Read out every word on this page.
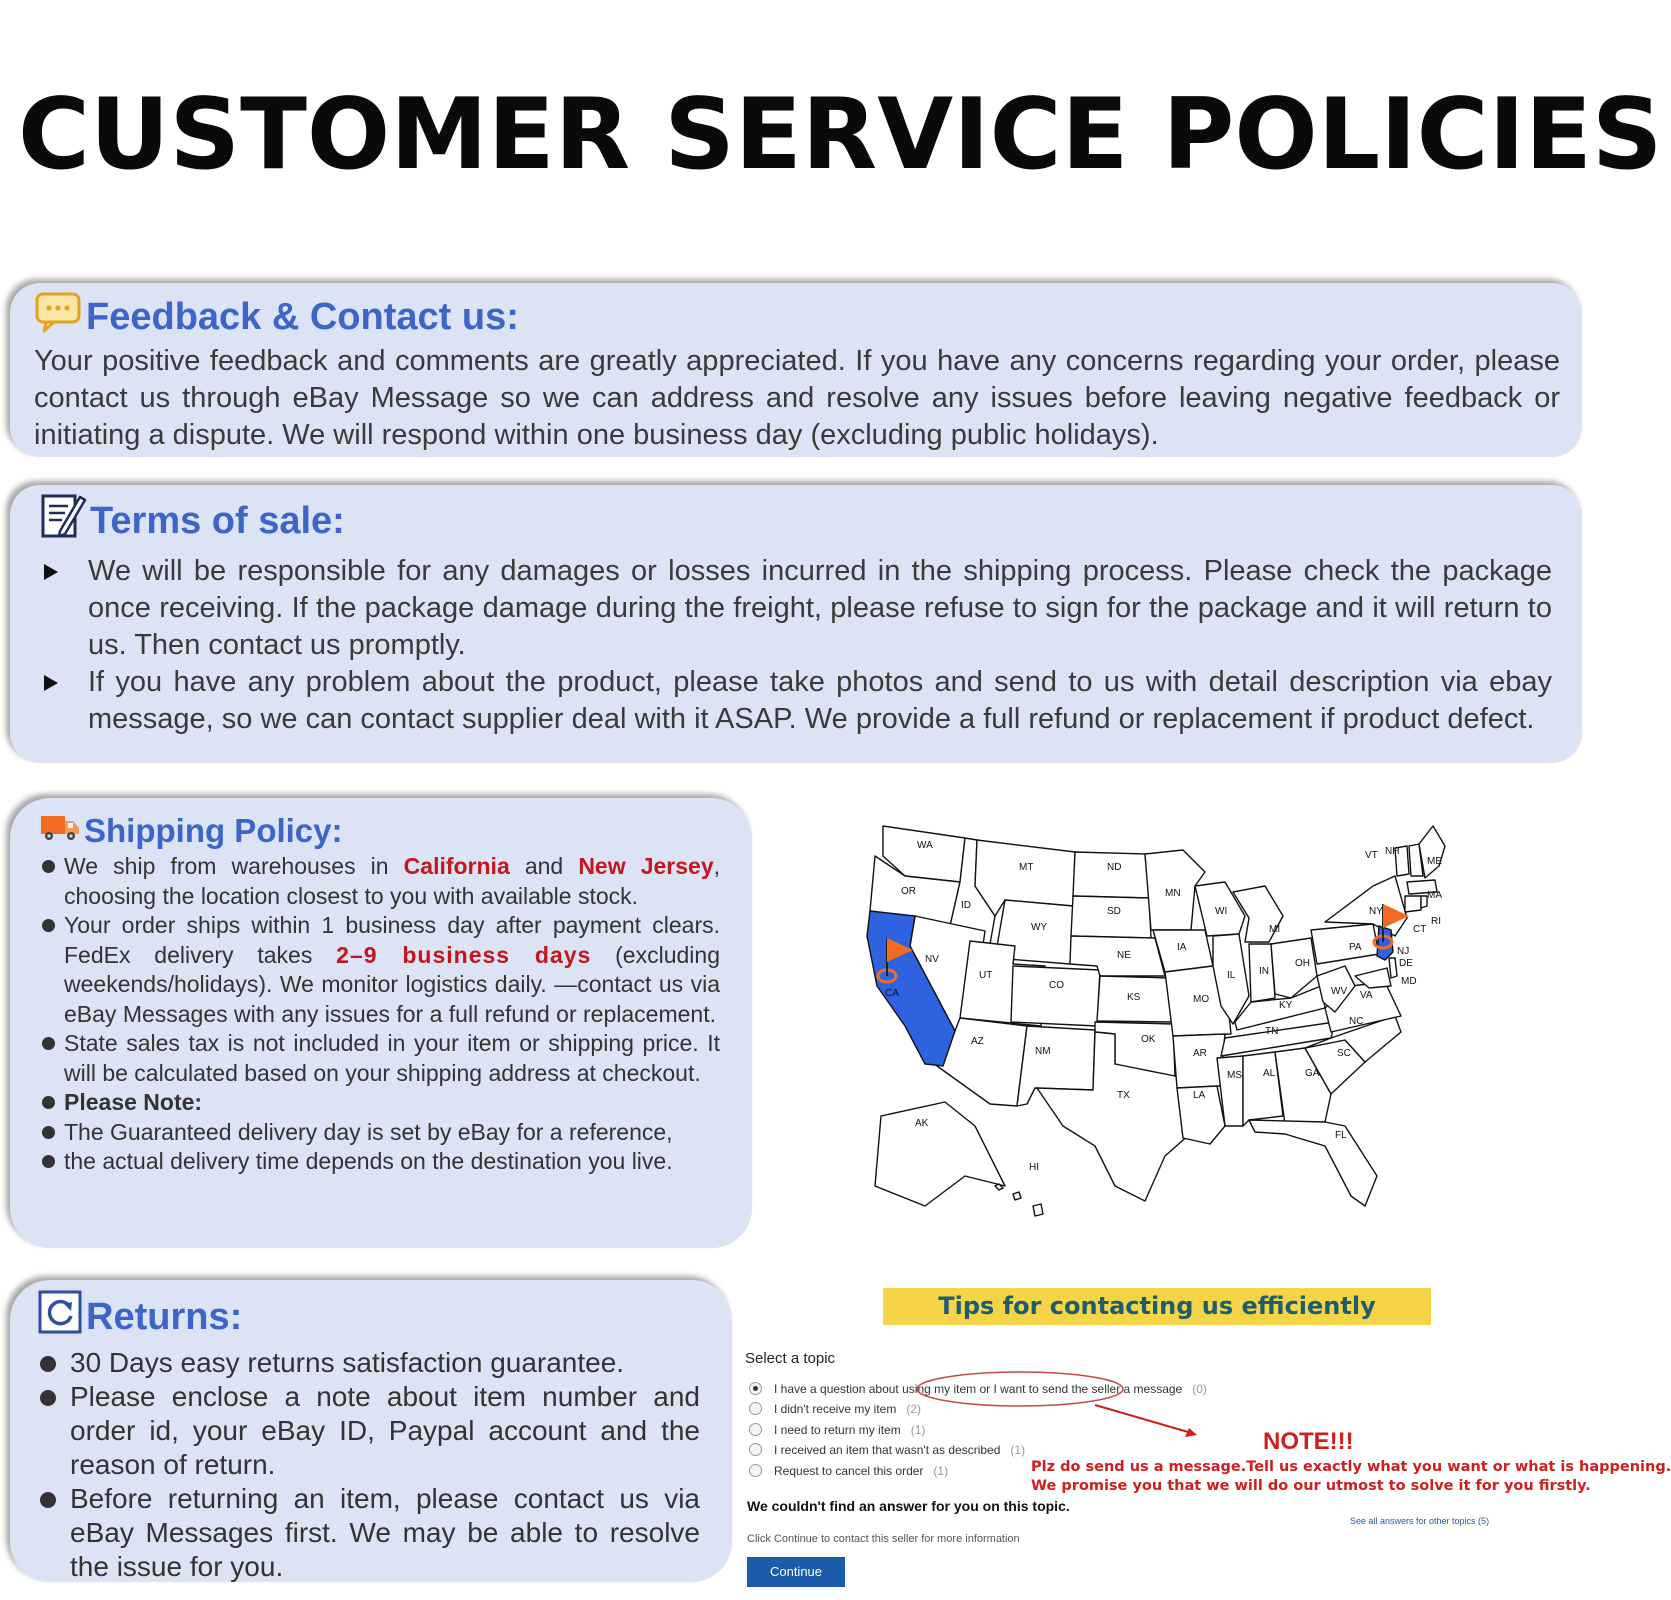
CUSTOMER SERVICE POLICIES
Feedback & Contact us:

Your positive feedback and comments are greatly appreciated. If you have any concerns regarding your order, please contact us through eBay Message so we can address and resolve any issues before leaving negative feedback or initiating a dispute. We will respond within one business day (excluding public holidays).

Terms of sale:
We will be responsible for any damages or losses incurred in the shipping process. Please check the package once receiving. If the package damage during the freight, please refuse to sign for the package and it will return to us. Then contact us promptly.
If you have any problem about the product, please take photos and send to us with detail description via ebay message, so we can contact supplier deal with it ASAP. We provide a full refund or replacement if product defect.
Shipping Policy:
We ship from warehouses in California and New Jersey, choosing the location closest to you with available stock.
Your order ships within 1 business day after payment clears. FedEx delivery takes 2–9 business days (excluding weekends/holidays). We monitor logistics daily. —contact us via eBay Messages with any issues for a full refund or replacement.
State sales tax is not included in your item or shipping price. It will be calculated based on your shipping address at checkout.
Please Note:
The Guaranteed delivery day is set by eBay for a reference,
the actual delivery time depends on the destination you live.
WA
OR
CA
ID
NV
MT
WY
UT
AZ
CO
NM
ND
SD
NE
KS
OK
TX
MN
IA
MO
AR
LA
WI
IL
MI
IN
OH
KY
TN
MS AL	GA
FL
SC
NC
VA
WV
PA
NY
VT NH
ME
MA
RI
CT
NJ
DE
MD
AK
HI
Returns:
30 Days easy returns satisfaction guarantee.
Please enclose a note about item number and order id, your eBay ID, Paypal account and the reason of return.
Before returning an item, please contact us via eBay Messages first. We may be able to resolve the issue for you.
Tips for contacting us efficiently
Select a topic
I have a question about using my item or I want to send the seller a message (0)
I didn't receive my item (2)
I need to return my item (1)
I received an item that wasn't as described (1)
Request to cancel this order (1)
NOTE!!!
Plz do send us a message.Tell us exactly what you want or what is happening.
We promise you that we will do our utmost to solve it for you firstly.
We couldn't find an answer for you on this topic.
See all answers for other topics (5)
Click Continue to contact this seller for more information
Continue
